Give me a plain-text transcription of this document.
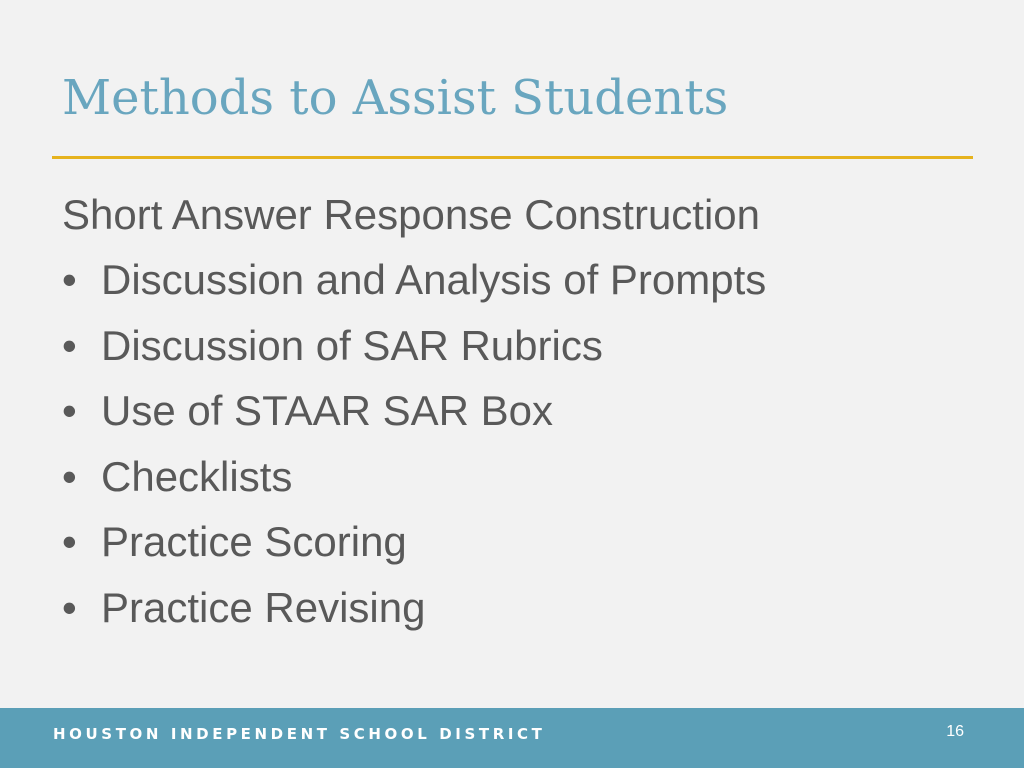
Methods to Assist Students
Short Answer Response Construction
• Discussion and Analysis of Prompts
• Discussion of SAR Rubrics
• Use of STAAR SAR Box
• Checklists
• Practice Scoring
• Practice Revising
HOUSTON INDEPENDENT SCHOOL DISTRICT	16
